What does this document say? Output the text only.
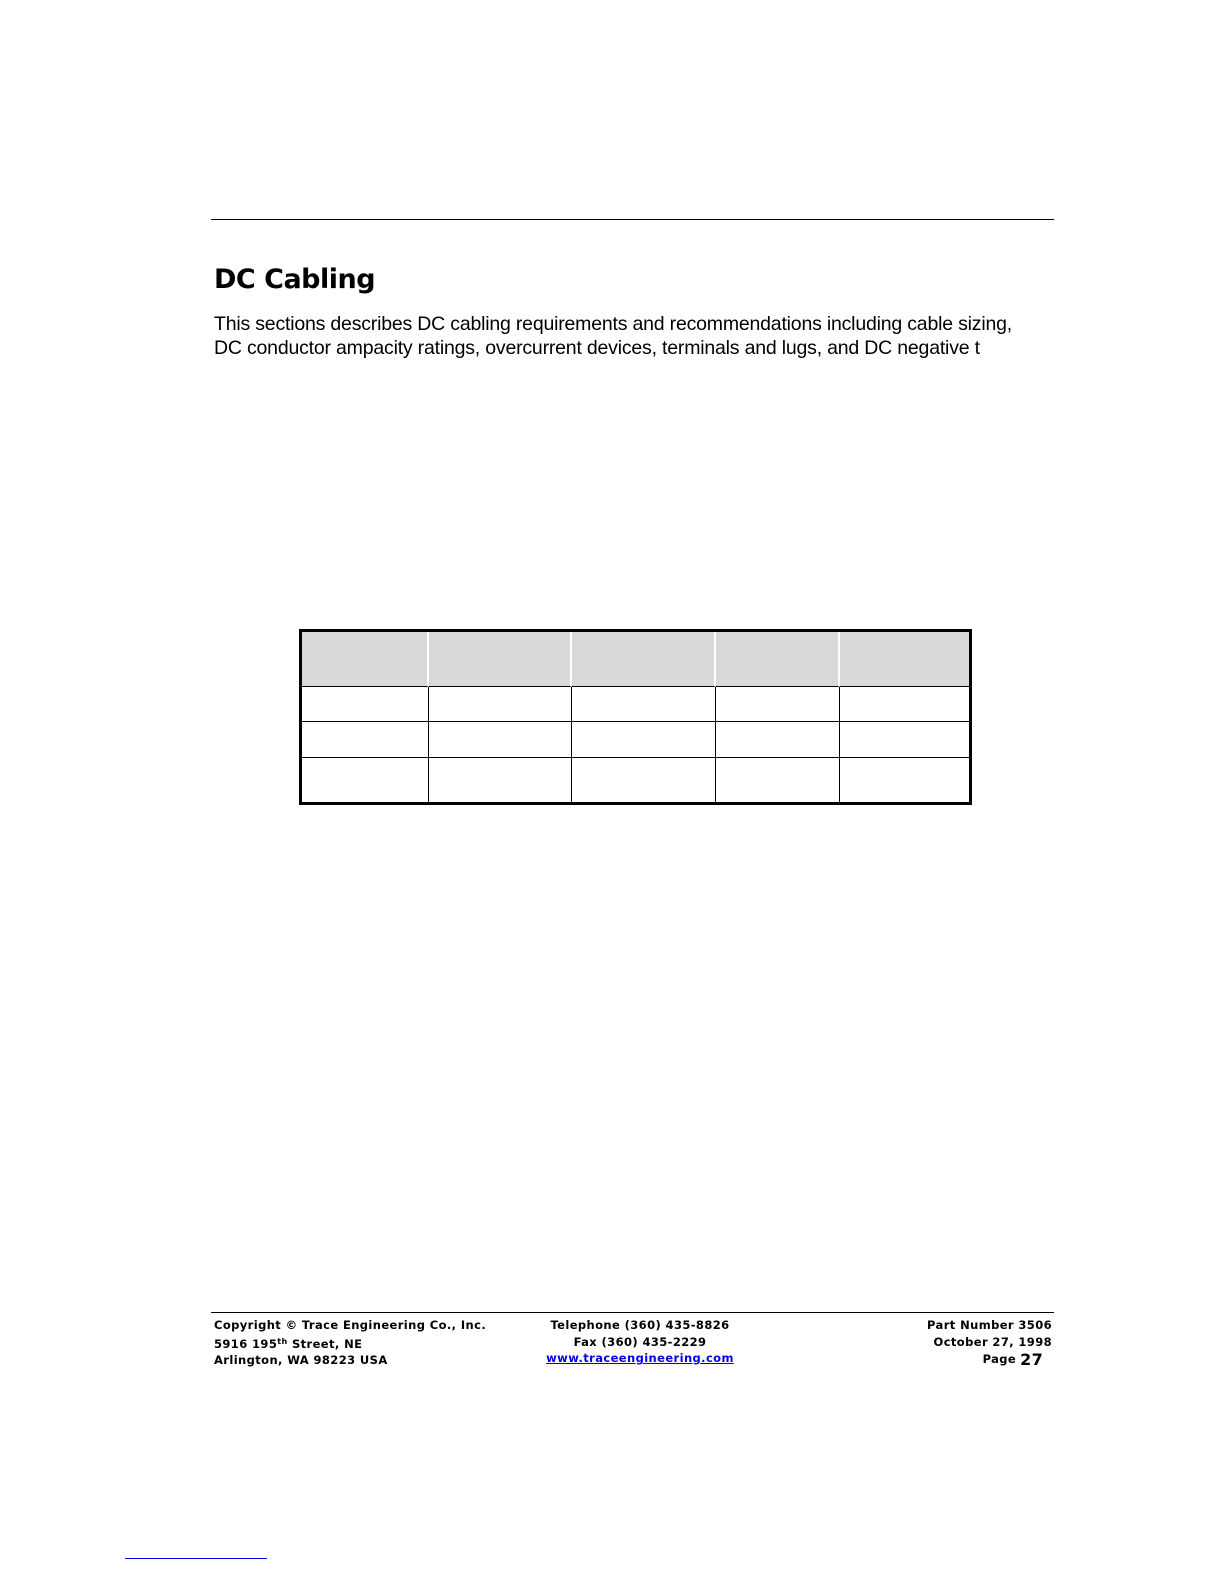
DC Cabling

This sections describes DC cabling requirements and recommendations including cable sizing, DC conductor ampacity ratings, overcurrent devices, terminals and lugs, and DC negative t

Copyright © Trace Engineering Co., Inc.
5916 195th Street, NE
Arlington, WA 98223 USA
Telephone (360) 435-8826
Fax (360) 435-2229
www.traceengineering.com
Part Number 3506
October 27, 1998
Page 27
